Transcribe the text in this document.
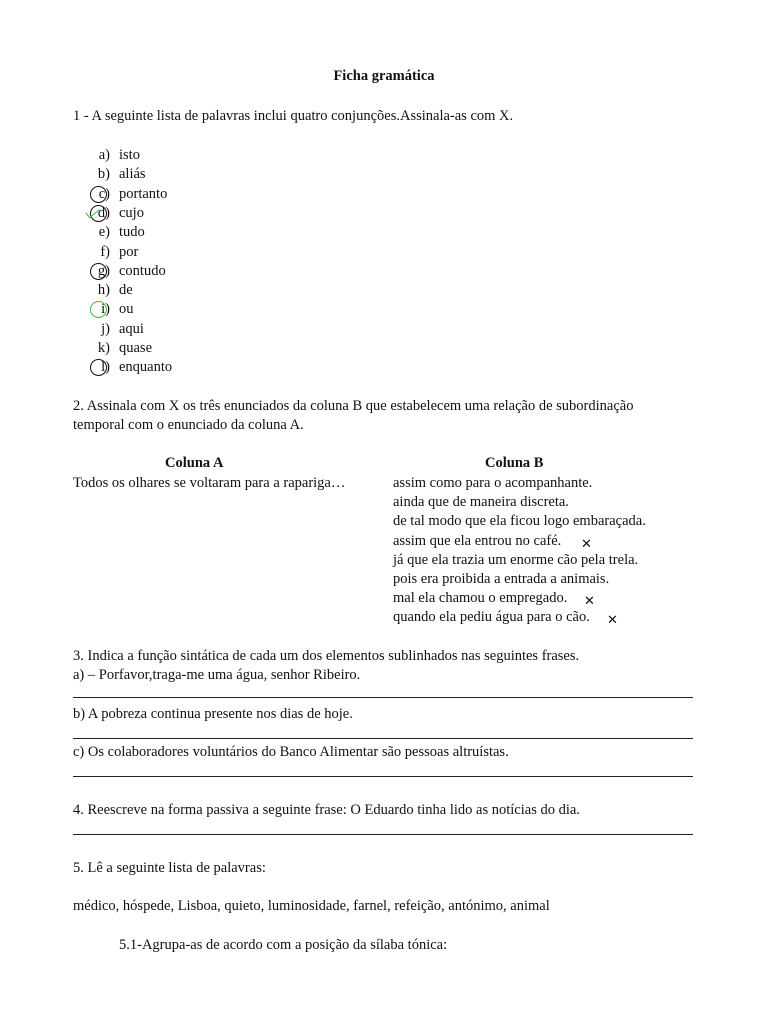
Ficha gramática
1 - A seguinte lista de palavras inclui quatro conjunções.Assinala-as com X.
a) isto
b) aliás
c) portanto
d) cujo
e) tudo
f) por
g) contudo
h) de
i) ou
j) aqui
k) quase
l) enquanto
2. Assinala com X os três enunciados da coluna B que estabelecem uma relação de subordinação
temporal com o enunciado da coluna A.
Coluna A	Coluna B
Todos os olhares se voltaram para a rapariga…	assim como para o acompanhante.
ainda que de maneira discreta.
de tal modo que ela ficou logo embaraçada.
assim que ela entrou no café. ✕
já que ela trazia um enorme cão pela trela.
pois era proibida a entrada a animais.
mal ela chamou o empregado. ✕
quando ela pediu água para o cão. ✕
3. Indica a função sintática de cada um dos elementos sublinhados nas seguintes frases.
a) – Porfavor,traga-me uma água, senhor Ribeiro.
b) A pobreza continua presente nos dias de hoje.
c) Os colaboradores voluntários do Banco Alimentar são pessoas altruístas.
4. Reescreve na forma passiva a seguinte frase: O Eduardo tinha lido as notícias do dia.
5. Lê a seguinte lista de palavras:
médico, hóspede, Lisboa, quieto, luminosidade, farnel, refeição, antónimo, animal
5.1-Agrupa-as de acordo com a posição da sílaba tónica:
